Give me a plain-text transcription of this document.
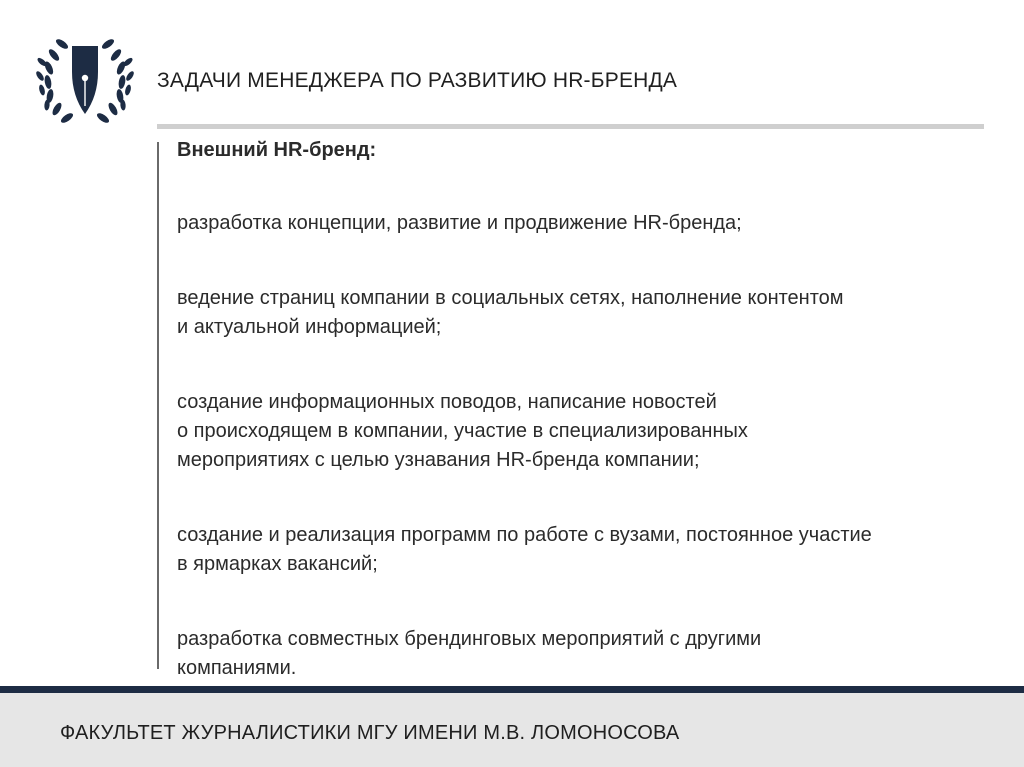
ЗАДАЧИ МЕНЕДЖЕРА ПО РАЗВИТИЮ HR-БРЕНДА

Внешний HR-бренд:

разработка концепции, развитие и продвижение HR-бренда;

ведение страниц компании в социальных сетях, наполнение контентом
и актуальной информацией;

создание информационных поводов, написание новостей
о происходящем в компании, участие в специализированных
мероприятиях с целью узнавания HR-бренда компании;

создание и реализация программ по работе с вузами, постоянное участие
в ярмарках вакансий;

разработка совместных брендинговых мероприятий с другими
компаниями.

ФАКУЛЬТЕТ ЖУРНАЛИСТИКИ МГУ ИМЕНИ М.В. ЛОМОНОСОВА
